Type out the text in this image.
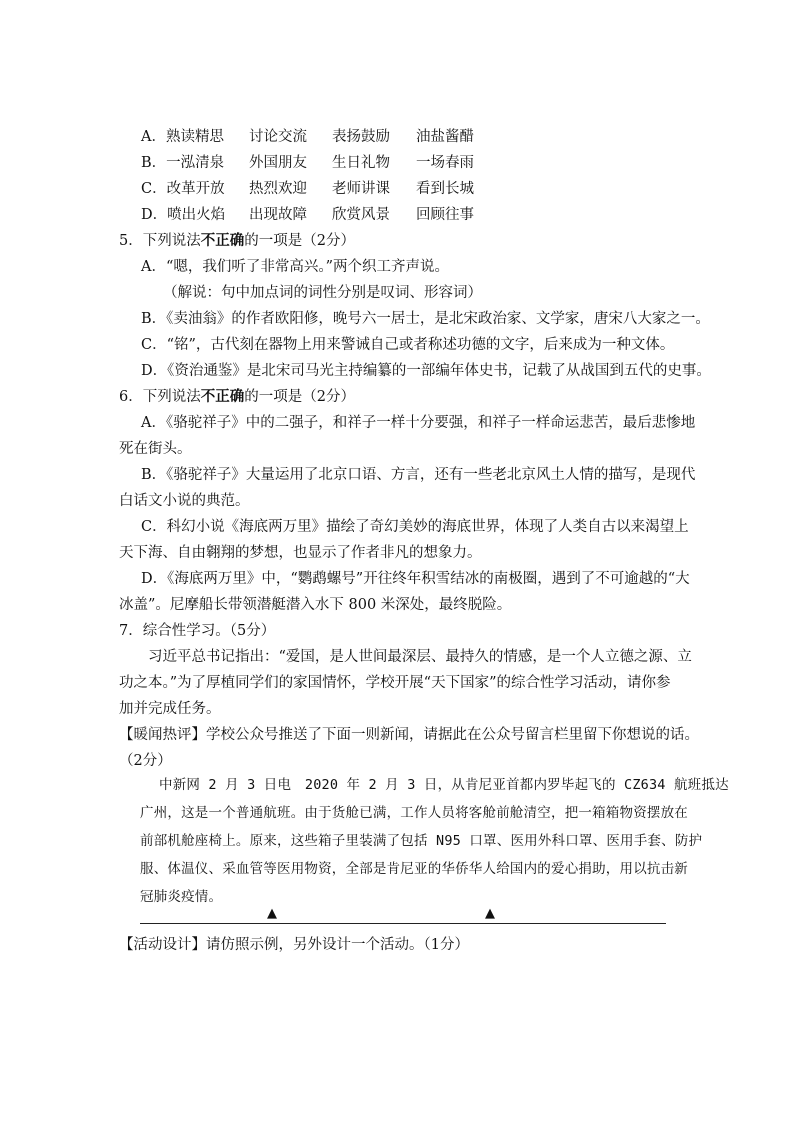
A．熟读精思 讨论交流 表扬鼓励 油盐酱醋
B．一泓清泉 外国朋友 生日礼物 一场春雨
C．改革开放 热烈欢迎 老师讲课 看到长城
D．喷出火焰 出现故障 欣赏风景 回顾往事
5．下列说法不正确的一项是（2分）
A．“嗯，我们听了非常高兴。”两个织工齐声说。
（解说：句中加点词的词性分别是叹词、形容词）
B．《卖油翁》的作者欧阳修，晚号六一居士，是北宋政治家、文学家，唐宋八大家之一。
C．“铭”，古代刻在器物上用来警诫自己或者称述功德的文字，后来成为一种文体。
D．《资治通鉴》是北宋司马光主持编纂的一部编年体史书，记载了从战国到五代的史事。
6．下列说法不正确的一项是（2分）
A．《骆驼祥子》中的二强子，和祥子一样十分要强，和祥子一样命运悲苦，最后悲惨地
死在街头。
B．《骆驼祥子》大量运用了北京口语、方言，还有一些老北京风土人情的描写，是现代
白话文小说的典范。
C．科幻小说《海底两万里》描绘了奇幻美妙的海底世界，体现了人类自古以来渴望上
天下海、自由翱翔的梦想，也显示了作者非凡的想象力。
D．《海底两万里》中，“鹦鹉螺号”开往终年积雪结冰的南极圈，遇到了不可逾越的“大
冰盖”。尼摩船长带领潜艇潜入水下 800 米深处，最终脱险。
7．综合性学习。（5分）
习近平总书记指出：“爱国，是人世间最深层、最持久的情感，是一个人立德之源、立
功之本。”为了厚植同学们的家国情怀，学校开展“天下国家”的综合性学习活动，请你参
加并完成任务。
【暖闻热评】学校公众号推送了下面一则新闻，请据此在公众号留言栏里留下你想说的话。
（2分）
中新网 2 月 3 日电　2020 年 2 月 3 日，从肯尼亚首都内罗毕起飞的 CZ634 航班抵达
广州，这是一个普通航班。由于货舱已满，工作人员将客舱前舱清空，把一箱箱物资摆放在
前部机舱座椅上。原来，这些箱子里装满了包括 N95 口罩、医用外科口罩、医用手套、防护
服、体温仪、采血管等医用物资，全部是肯尼亚的华侨华人给国内的爱心捐助，用以抗击新
冠肺炎疫情。
▲	▲
【活动设计】请仿照示例，另外设计一个活动。（1分）
